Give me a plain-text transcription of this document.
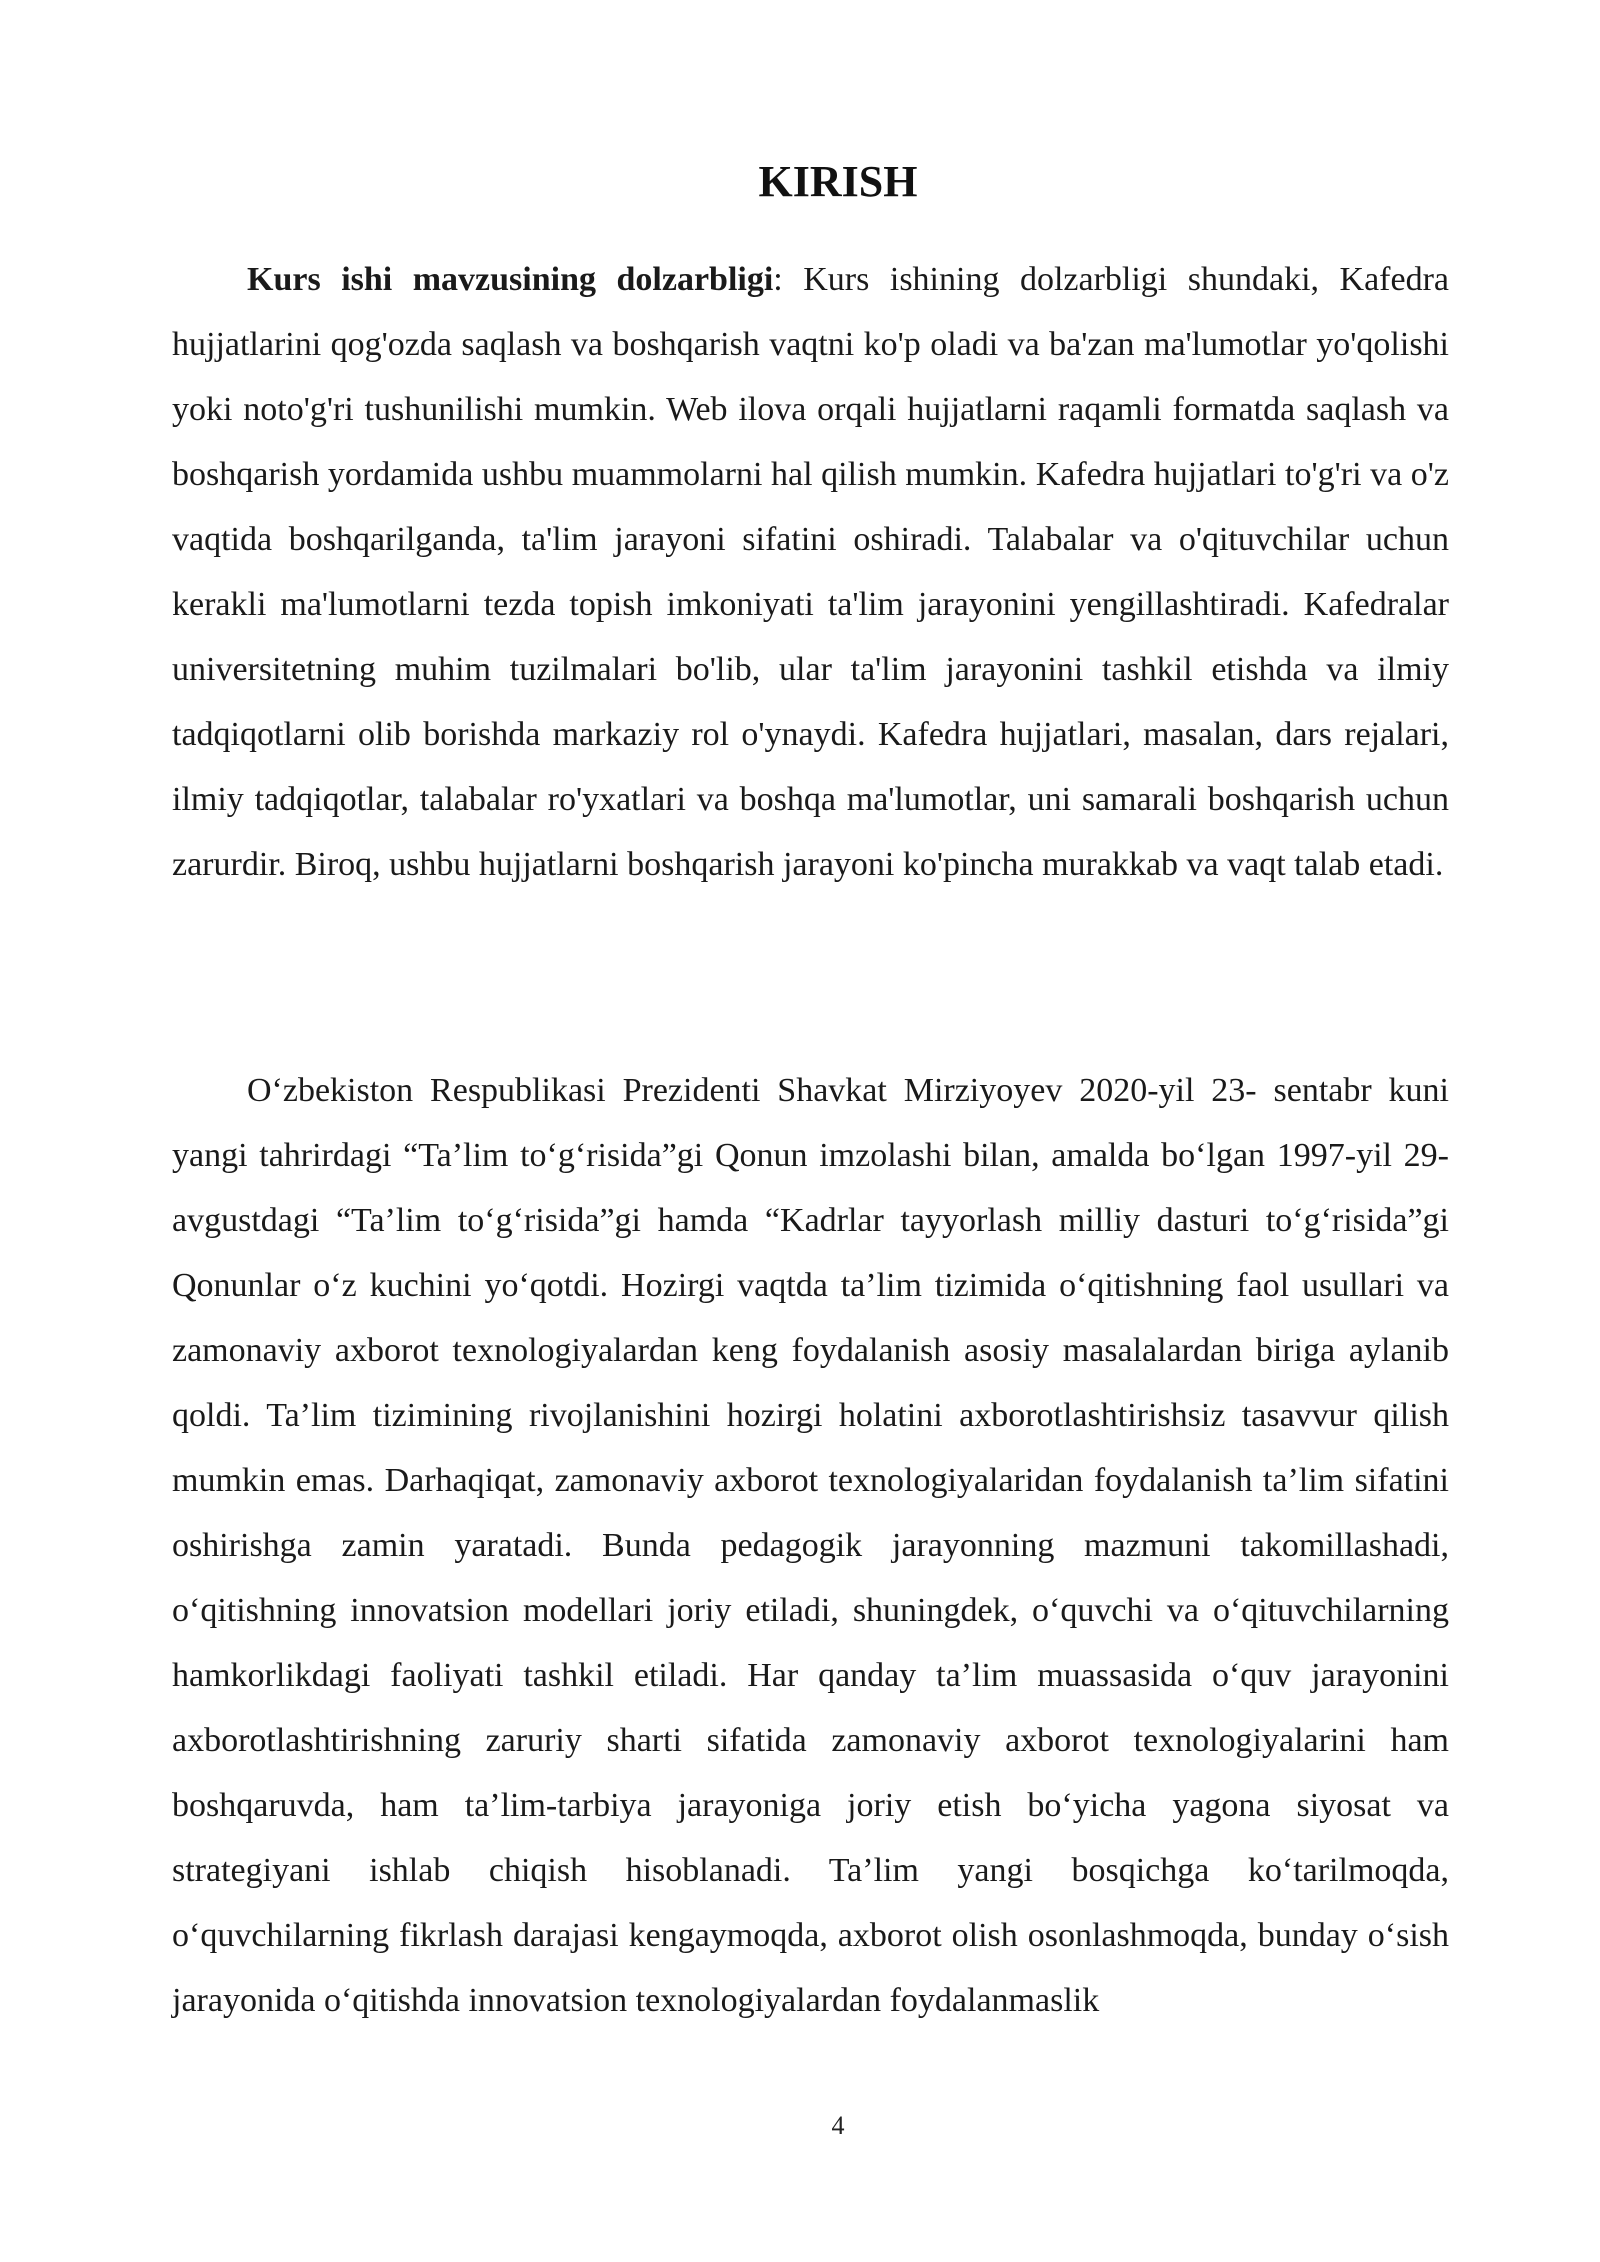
KIRISH

Kurs ishi mavzusining dolzarbligi: Kurs ishining dolzarbligi shundaki, Kafedra hujjatlarini qog'ozda saqlash va boshqarish vaqtni ko'p oladi va ba'zan ma'lumotlar yo'qolishi yoki noto'g'ri tushunilishi mumkin. Web ilova orqali hujjatlarni raqamli formatda saqlash va boshqarish yordamida ushbu muammolarni hal qilish mumkin. Kafedra hujjatlari to'g'ri va o'z vaqtida boshqarilganda, ta'lim jarayoni sifatini oshiradi. Talabalar va o'qituvchilar uchun kerakli ma'lumotlarni tezda topish imkoniyati ta'lim jarayonini yengillashtiradi. Kafedralar universitetning muhim tuzilmalari bo'lib, ular ta'lim jarayonini tashkil etishda va ilmiy tadqiqotlarni olib borishda markaziy rol o'ynaydi. Kafedra hujjatlari, masalan, dars rejalari, ilmiy tadqiqotlar, talabalar ro'yxatlari va boshqa ma'lumotlar, uni samarali boshqarish uchun zarurdir. Biroq, ushbu hujjatlarni boshqarish jarayoni ko'pincha murakkab va vaqt talab etadi.

O‘zbekiston Respublikasi Prezidenti Shavkat Mirziyoyev 2020-yil 23- sentabr kuni yangi tahrirdagi “Ta’lim to‘g‘risida”gi Qonun imzolashi bilan, amalda bo‘lgan 1997-yil 29-avgustdagi “Ta’lim to‘g‘risida”gi hamda “Kadrlar tayyorlash milliy dasturi to‘g‘risida”gi Qonunlar o‘z kuchini yo‘qotdi. Hozirgi vaqtda ta’lim tizimida o‘qitishning faol usullari va zamonaviy axborot texnologiyalardan keng foydalanish asosiy masalalardan biriga aylanib qoldi. Ta’lim tizimining rivojlanishini hozirgi holatini axborotlashtirishsiz tasavvur qilish mumkin emas. Darhaqiqat, zamonaviy axborot texnologiyalaridan foydalanish ta’lim sifatini oshirishga zamin yaratadi. Bunda pedagogik jarayonning mazmuni takomillashadi, o‘qitishning innovatsion modellari joriy etiladi, shuningdek, o‘quvchi va o‘qituvchilarning hamkorlikdagi faoliyati tashkil etiladi. Har qanday ta’lim muassasida o‘quv jarayonini axborotlashtirishning zaruriy sharti sifatida zamonaviy axborot texnologiyalarini ham boshqaruvda, ham ta’lim-tarbiya jarayoniga joriy etish bo‘yicha yagona siyosat va strategiyani ishlab chiqish hisoblanadi. Ta’lim yangi bosqichga ko‘tarilmoqda, o‘quvchilarning fikrlash darajasi kengaymoqda, axborot olish osonlashmoqda, bunday o‘sish jarayonida o‘qitishda innovatsion texnologiyalardan foydalanmaslik

4
